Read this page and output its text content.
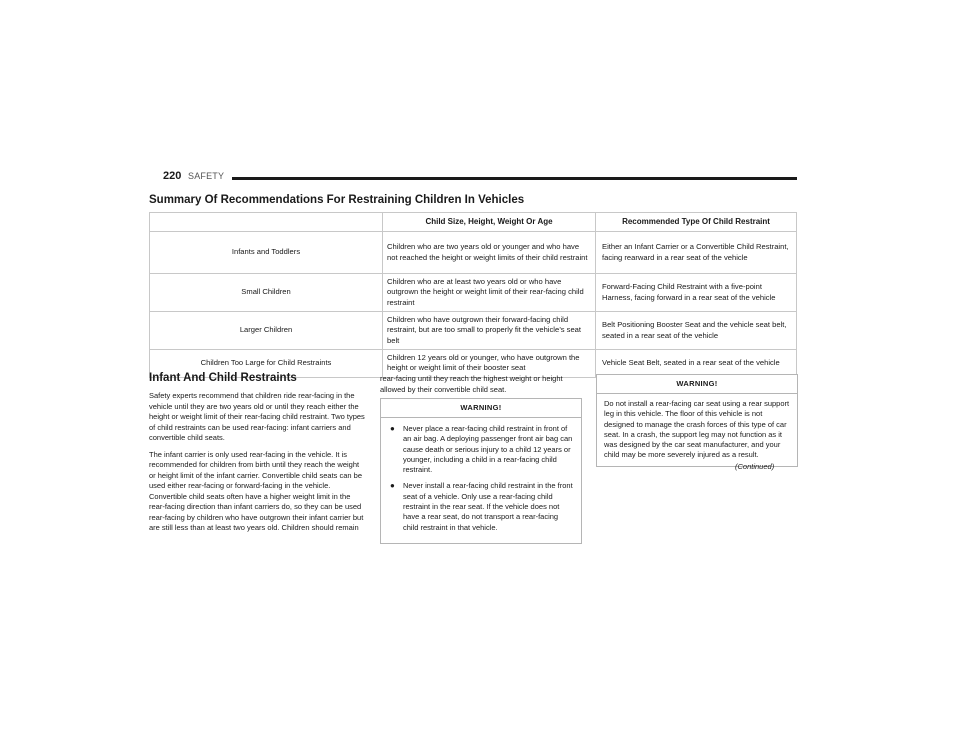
220 SAFETY
Summary Of Recommendations For Restraining Children In Vehicles
	Child Size, Height, Weight Or Age	Recommended Type Of Child Restraint
Infants and Toddlers	Children who are two years old or younger and who have not reached the height or weight limits of their child restraint	Either an Infant Carrier or a Convertible Child Restraint, facing rearward in a rear seat of the vehicle
Small Children	Children who are at least two years old or who have outgrown the height or weight limit of their rear-facing child restraint	Forward-Facing Child Restraint with a five-point Harness, facing forward in a rear seat of the vehicle
Larger Children	Children who have outgrown their forward-facing child restraint, but are too small to properly fit the vehicle’s seat belt	Belt Positioning Booster Seat and the vehicle seat belt, seated in a rear seat of the vehicle
Children Too Large for Child Restraints	Children 12 years old or younger, who have outgrown the height or weight limit of their booster seat	Vehicle Seat Belt, seated in a rear seat of the vehicle
Infant And Child Restraints

Safety experts recommend that children ride rear-facing in the vehicle until they are two years old or until they reach either the height or weight limit of their rear-facing child restraint. Two types of child restraints can be used rear-facing: infant carriers and convertible child seats.

The infant carrier is only used rear-facing in the vehicle. It is recommended for children from birth until they reach the weight or height limit of the infant carrier. Convertible child seats can be used either rear-facing or forward-facing in the vehicle. Convertible child seats often have a higher weight limit in the rear-facing direction than infant carriers do, so they can be used rear-facing by children who have outgrown their infant carrier but are still less than at least two years old. Children should remain

rear-facing until they reach the highest weight or height allowed by their convertible child seat.

WARNING!
● Never place a rear-facing child restraint in front of an air bag. A deploying passenger front air bag can cause death or serious injury to a child 12 years or younger, including a child in a rear-facing child restraint.
● Never install a rear-facing child restraint in the front seat of a vehicle. Only use a rear-facing child restraint in the rear seat. If the vehicle does not have a rear seat, do not transport a rear-facing child restraint in that vehicle.
WARNING!
Do not install a rear-facing car seat using a rear support leg in this vehicle. The floor of this vehicle is not designed to manage the crash forces of this type of car seat. In a crash, the support leg may not function as it was designed by the car seat manufacturer, and your child may be more severely injured as a result.
(Continued)
